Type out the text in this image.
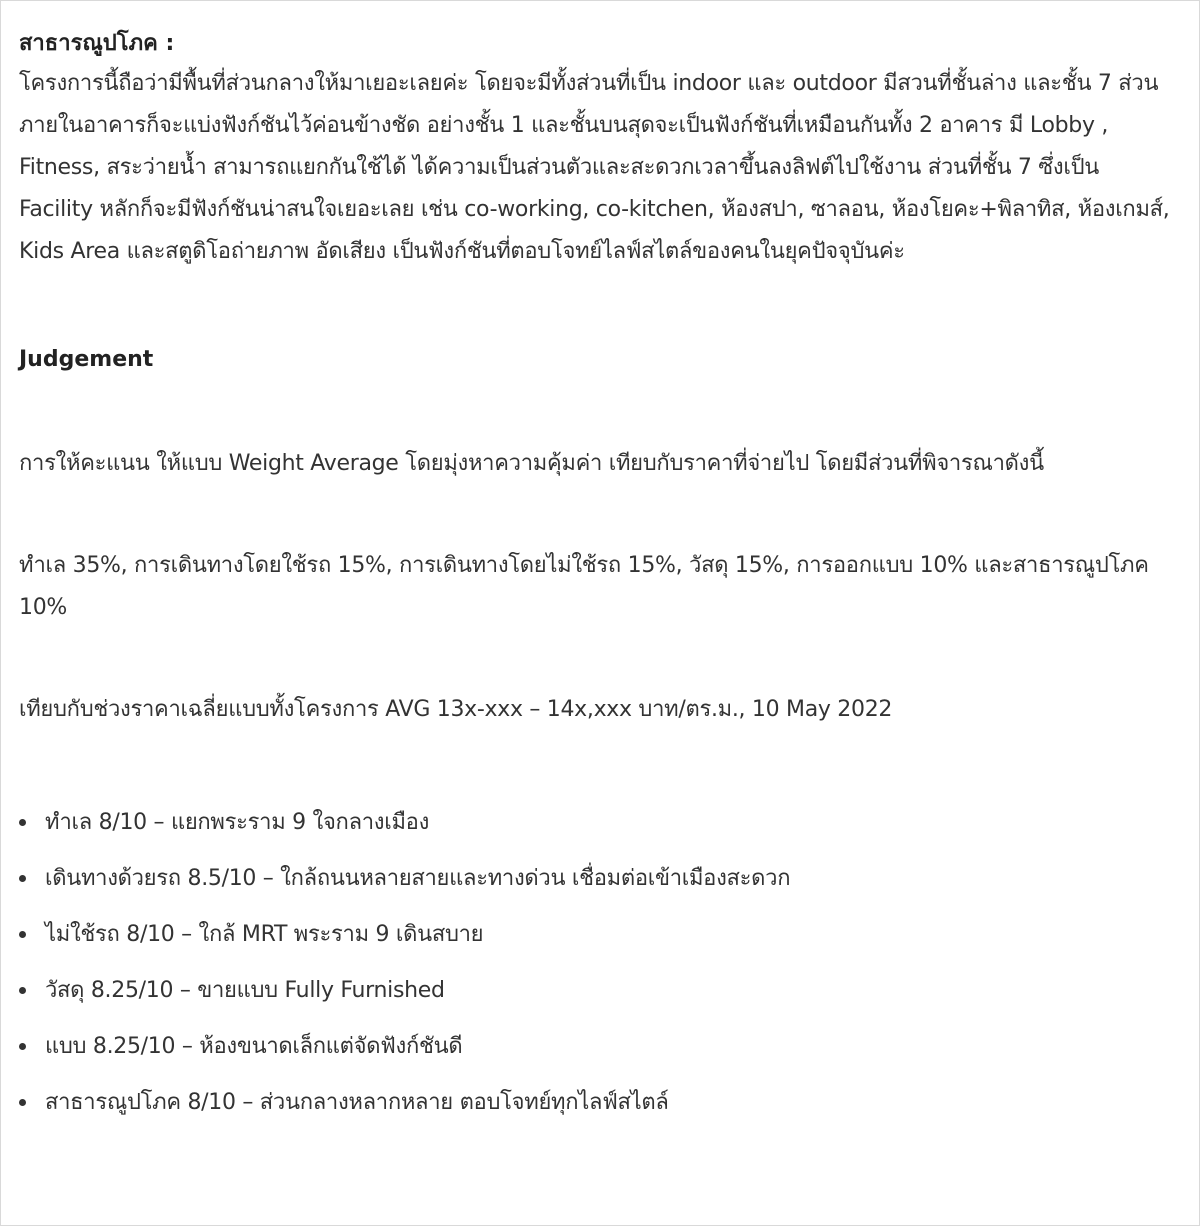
สาธารณูปโภค :

โครงการนี้ถือว่ามีพื้นที่ส่วนกลางให้มาเยอะเลยค่ะ โดยจะมีทั้งส่วนที่เป็น indoor และ outdoor มีสวนที่ชั้นล่าง และชั้น 7 ส่วนภายในอาคารก็จะแบ่งฟังก์ชันไว้ค่อนข้างชัด อย่างชั้น 1 และชั้นบนสุดจะเป็นฟังก์ชันที่เหมือนกันทั้ง 2 อาคาร มี Lobby , Fitness, สระว่ายน้ำ สามารถแยกกันใช้ได้ ได้ความเป็นส่วนตัวและสะดวกเวลาขึ้นลงลิฟต์ไปใช้งาน ส่วนที่ชั้น 7 ซึ่งเป็น Facility หลักก็จะมีฟังก์ชันน่าสนใจเยอะเลย เช่น co-working, co-kitchen, ห้องสปา, ซาลอน, ห้องโยคะ+พิลาทิส, ห้องเกมส์, Kids Area และสตูดิโอถ่ายภาพ อัดเสียง เป็นฟังก์ชันที่ตอบโจทย์ไลฟ์สไตล์ของคนในยุคปัจจุบันค่ะ

Judgement

การให้คะแนน ให้แบบ Weight Average โดยมุ่งหาความคุ้มค่า เทียบกับราคาที่จ่ายไป โดยมีส่วนที่พิจารณาดังนี้

ทำเล 35%, การเดินทางโดยใช้รถ 15%, การเดินทางโดยไม่ใช้รถ 15%, วัสดุ 15%, การออกแบบ 10% และสาธารณูปโภค 10%

เทียบกับช่วงราคาเฉลี่ยแบบทั้งโครงการ AVG 13x-xxx – 14x,xxx บาท/ตร.ม., 10 May 2022

ทำเล 8/10 – แยกพระราม 9 ใจกลางเมือง
เดินทางด้วยรถ 8.5/10 – ใกล้ถนนหลายสายและทางด่วน เชื่อมต่อเข้าเมืองสะดวก
ไม่ใช้รถ 8/10 – ใกล้ MRT พระราม 9 เดินสบาย
วัสดุ 8.25/10 – ขายแบบ Fully Furnished
แบบ 8.25/10 – ห้องขนาดเล็กแต่จัดฟังก์ชันดี
สาธารณูปโภค 8/10 – ส่วนกลางหลากหลาย ตอบโจทย์ทุกไลฟ์สไตล์
